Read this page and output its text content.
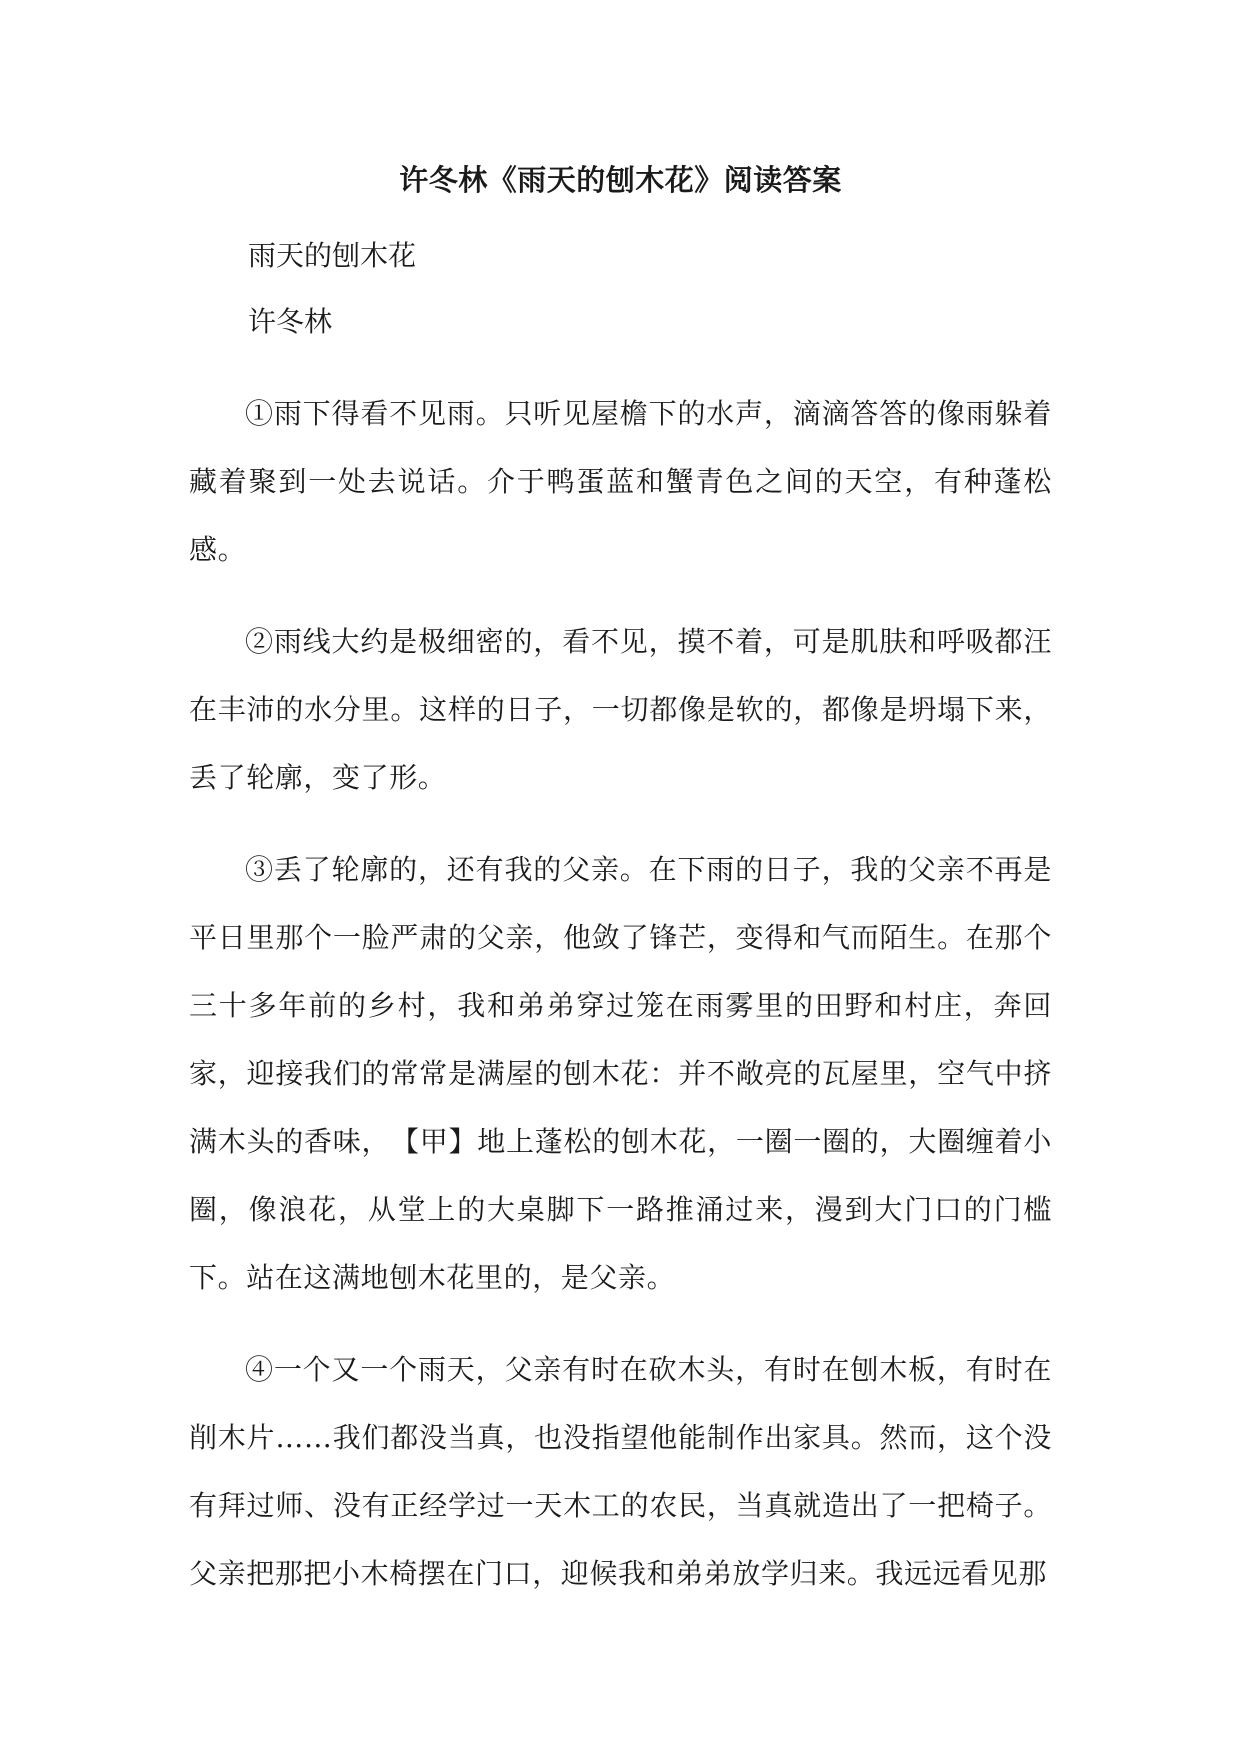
许冬林《雨天的刨木花》阅读答案

雨天的刨木花

许冬林

①雨下得看不见雨。只听见屋檐下的水声，滴滴答答的像雨躲着藏着聚到一处去说话。介于鸭蛋蓝和蟹青色之间的天空，有种蓬松感。

②雨线大约是极细密的，看不见，摸不着，可是肌肤和呼吸都汪在丰沛的水分里。这样的日子，一切都像是软的，都像是坍塌下来，丢了轮廓，变了形。

③丢了轮廓的，还有我的父亲。在下雨的日子，我的父亲不再是平日里那个一脸严肃的父亲，他敛了锋芒，变得和气而陌生。在那个三十多年前的乡村，我和弟弟穿过笼在雨雾里的田野和村庄，奔回家，迎接我们的常常是满屋的刨木花：并不敞亮的瓦屋里，空气中挤满木头的香味，　【甲】地上蓬松的刨木花，一圈一圈的，大圈缠着小圈，像浪花，从堂上的大桌脚下一路推涌过来，漫到大门口的门槛下。站在这满地刨木花里的，是父亲。

④一个又一个雨天，父亲有时在砍木头，有时在刨木板，有时在削木片……我们都没当真，也没指望他能制作出家具。然而，这个没有拜过师、没有正经学过一天木工的农民，当真就造出了一把椅子。父亲把那把小木椅摆在门口，迎候我和弟弟放学归来。我远远看见那
